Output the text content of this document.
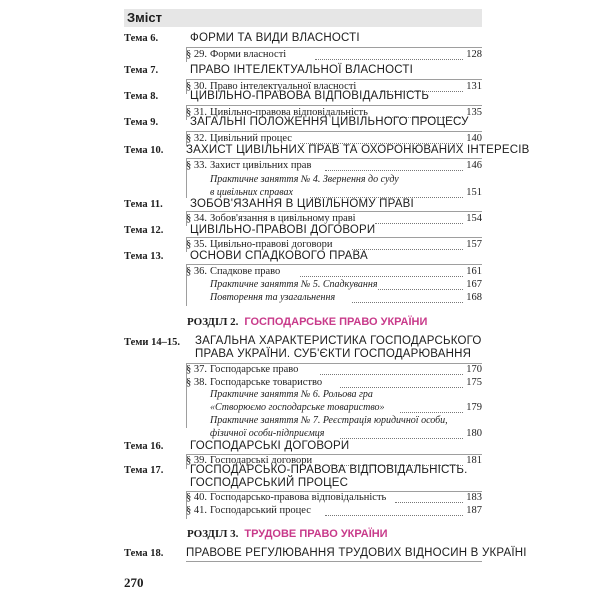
Зміст
Тема 6.	ФОРМИ ТА ВИДИ ВЛАСНОСТІ
§ 29. Форми власності	128
Тема 7.	ПРАВО ІНТЕЛЕКТУАЛЬНОЇ ВЛАСНОСТІ
§ 30. Право інтелектуальної власності	131
Тема 8.	ЦИВІЛЬНО-ПРАВОВА ВІДПОВІДАЛЬНІСТЬ
§ 31. Цивільно-правова відповідальність	135
Тема 9.	ЗАГАЛЬНІ ПОЛОЖЕННЯ ЦИВІЛЬНОГО ПРОЦЕСУ
§ 32. Цивільний процес	140
Тема 10.	ЗАХИСТ ЦИВІЛЬНИХ ПРАВ ТА ОХОРОНЮВАНИХ ІНТЕРЕСІВ
§ 33. Захист цивільних прав	146
Практичне заняття № 4. Звернення до суду
в цивільних справах	151
Тема 11.	ЗОБОВ'ЯЗАННЯ В ЦИВІЛЬНОМУ ПРАВІ
§ 34. Зобов'язання в цивільному праві	154
Тема 12.	ЦИВІЛЬНО-ПРАВОВІ ДОГОВОРИ
§ 35. Цивільно-правові договори	157
Тема 13.	ОСНОВИ СПАДКОВОГО ПРАВА
§ 36. Спадкове право	161
Практичне заняття № 5. Спадкування	167
Повторення та узагальнення	168
РОЗДІЛ 2. ГОСПОДАРСЬКЕ ПРАВО УКРАЇНИ
Теми 14–15.	ЗАГАЛЬНА ХАРАКТЕРИСТИКА ГОСПОДАРСЬКОГО
ПРАВА УКРАЇНИ. СУБ'ЄКТИ ГОСПОДАРЮВАННЯ
§ 37. Господарське право	170
§ 38. Господарське товариство	175
Практичне заняття № 6. Рольова гра
«Створюємо господарське товариство»	179
Практичне заняття № 7. Реєстрація юридичної особи,
фізичної особи-підприємця	180
Тема 16.	ГОСПОДАРСЬКІ ДОГОВОРИ
§ 39. Господарські договори	181
Тема 17.	ГОСПОДАРСЬКО-ПРАВОВА ВІДПОВІДАЛЬНІСТЬ.
ГОСПОДАРСЬКИЙ ПРОЦЕС
§ 40. Господарсько-правова відповідальність	183
§ 41. Господарський процес	187
РОЗДІЛ 3. ТРУДОВЕ ПРАВО УКРАЇНИ
Тема 18.	ПРАВОВЕ РЕГУЛЮВАННЯ ТРУДОВИХ ВІДНОСИН В УКРАЇНІ
270
